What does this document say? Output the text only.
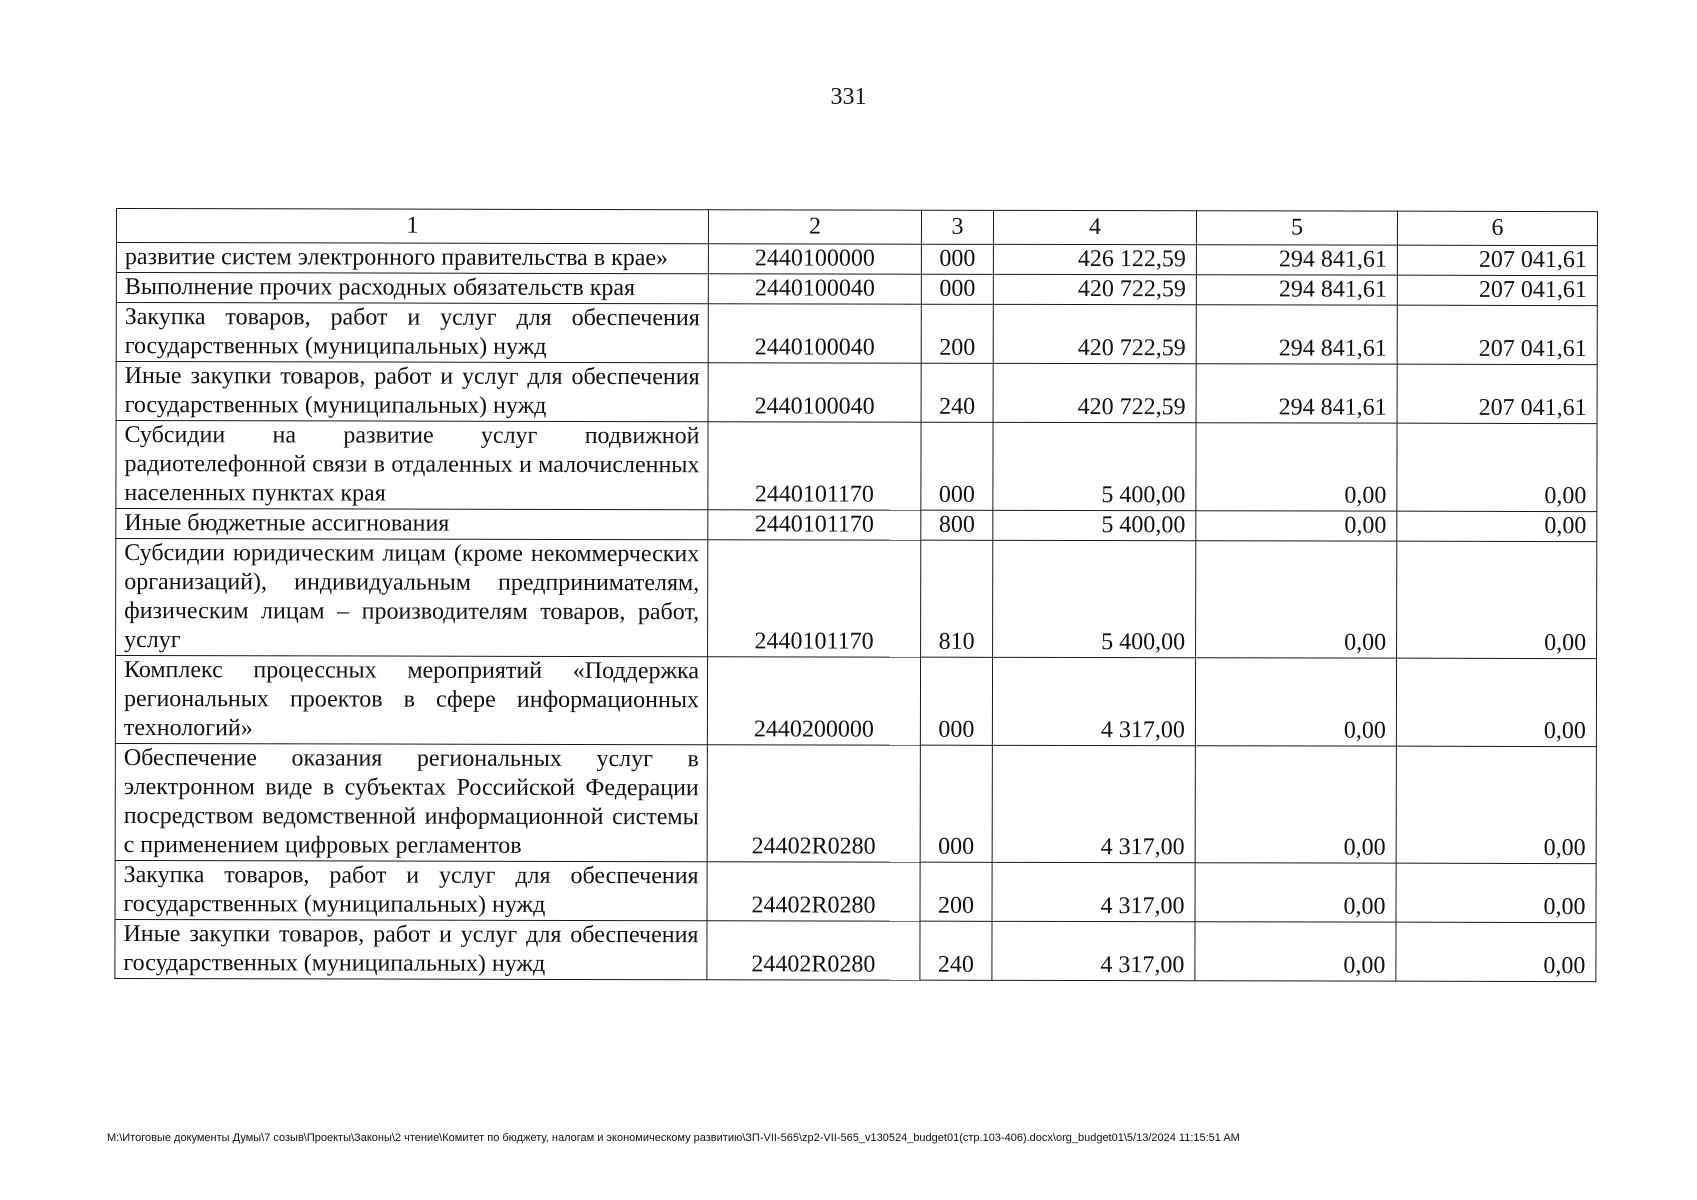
331
1	2	3	4	5	6
развитие систем электронного правительства в крае»	2440100000	000	426 122,59	294 841,61	207 041,61
Выполнение прочих расходных обязательств края	2440100040	000	420 722,59	294 841,61	207 041,61
Закупка товаров, работ и услуг для обеспечения государственных (муниципальных) нужд	2440100040	200	420 722,59	294 841,61	207 041,61
Иные закупки товаров, работ и услуг для обеспечения государственных (муниципальных) нужд	2440100040	240	420 722,59	294 841,61	207 041,61
Субсидии на развитие услуг подвижной радиотелефонной связи в отдаленных и малочисленных населенных пунктах края	2440101170	000	5 400,00	0,00	0,00
Иные бюджетные ассигнования	2440101170	800	5 400,00	0,00	0,00
Субсидии юридическим лицам (кроме некоммерческих организаций), индивидуальным предпринимателям, физическим лицам – производителям товаров, работ, услуг	2440101170	810	5 400,00	0,00	0,00
Комплекс процессных мероприятий «Поддержка региональных проектов в сфере информационных технологий»	2440200000	000	4 317,00	0,00	0,00
Обеспечение оказания региональных услуг в электронном виде в субъектах Российской Федерации посредством ведомственной информационной системы с применением цифровых регламентов	24402R0280	000	4 317,00	0,00	0,00
Закупка товаров, работ и услуг для обеспечения государственных (муниципальных) нужд	24402R0280	200	4 317,00	0,00	0,00
Иные закупки товаров, работ и услуг для обеспечения государственных (муниципальных) нужд	24402R0280	240	4 317,00	0,00	0,00
M:\Итоговые документы Думы\7 созыв\Проекты\Законы\2 чтение\Комитет по бюджету, налогам и экономическому развитию\ЗП-VII-565\zp2-VII-565_v130524_budget01(стр.103-406).docx\org_budget01\5/13/2024 11:15:51 AM
